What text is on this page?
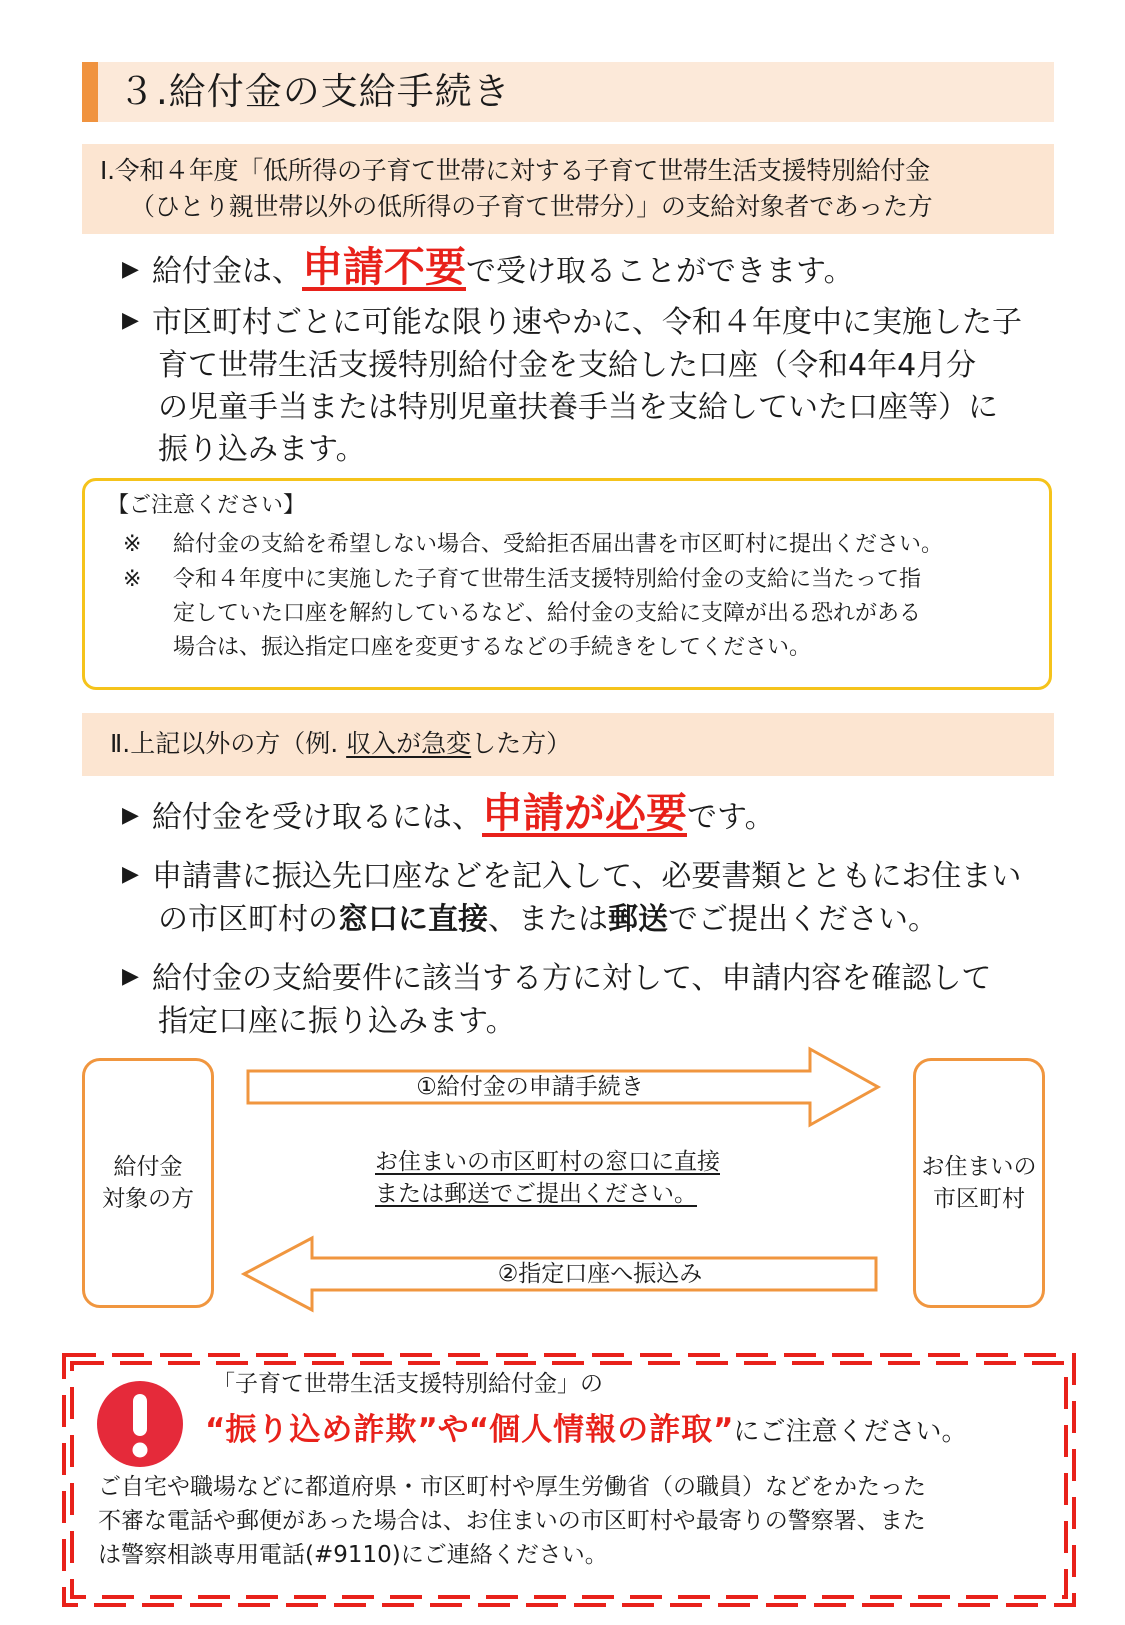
３.給付金の支給手続き
Ⅰ.令和４年度「低所得の子育て世帯に対する子育て世帯生活支援特別給付金
（ひとり親世帯以外の低所得の子育て世帯分）」の支給対象者であった方
▶ 給付金は、申請不要で受け取ることができます。
▶ 市区町村ごとに可能な限り速やかに、令和４年度中に実施した子
育て世帯生活支援特別給付金を支給した口座（令和4年4月分
の児童手当または特別児童扶養手当を支給していた口座等）に
振り込みます。
【ご注意ください】
※	給付金の支給を希望しない場合、受給拒否届出書を市区町村に提出ください。
※	令和４年度中に実施した子育て世帯生活支援特別給付金の支給に当たって指
定していた口座を解約しているなど、給付金の支給に支障が出る恐れがある
場合は、振込指定口座を変更するなどの手続きをしてください。
Ⅱ.上記以外の方（例. 収入が急変した方）
▶ 給付金を受け取るには、申請が必要です。
▶ 申請書に振込先口座などを記入して、必要書類とともにお住まい
の市区町村の窓口に直接、または郵送でご提出ください。
▶ 給付金の支給要件に該当する方に対して、申請内容を確認して
指定口座に振り込みます。
給付金
対象の方
お住まいの
市区町村
①給付金の申請手続き
お住まいの市区町村の窓口に直接
または郵送でご提出ください。
②指定口座へ振込み
「子育て世帯生活支援特別給付金」の
“振り込め詐欺”や“個人情報の詐取”にご注意ください。
ご自宅や職場などに都道府県・市区町村や厚生労働省（の職員）などをかたった
不審な電話や郵便があった場合は、お住まいの市区町村や最寄りの警察署、また
は警察相談専用電話(#9110)にご連絡ください。
